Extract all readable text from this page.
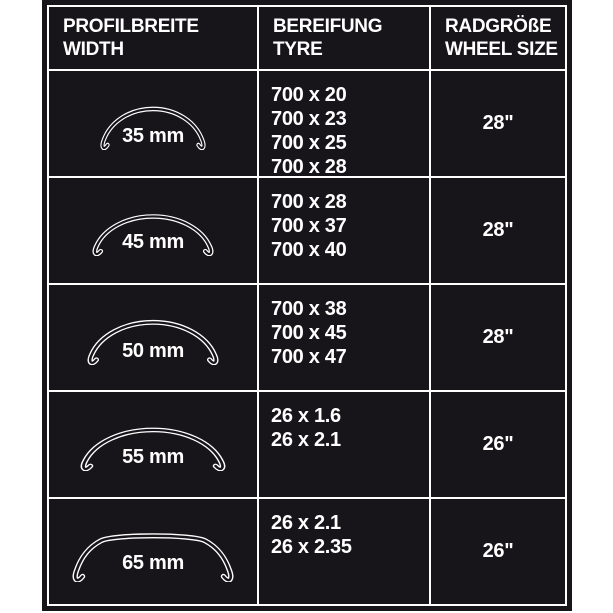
PROFILBREITE
WIDTH
BEREIFUNG
TYRE
RADGRÖßE
WHEEL SIZE
35 mm
700 x 20
700 x 23
700 x 25
700 x 28
28"
45 mm
700 x 28
700 x 37
700 x 40
28"
50 mm
700 x 38
700 x 45
700 x 47
28"
55 mm
26 x 1.6
26 x 2.1	26"
65 mm
26 x 2.1
26 x 2.35	26"
